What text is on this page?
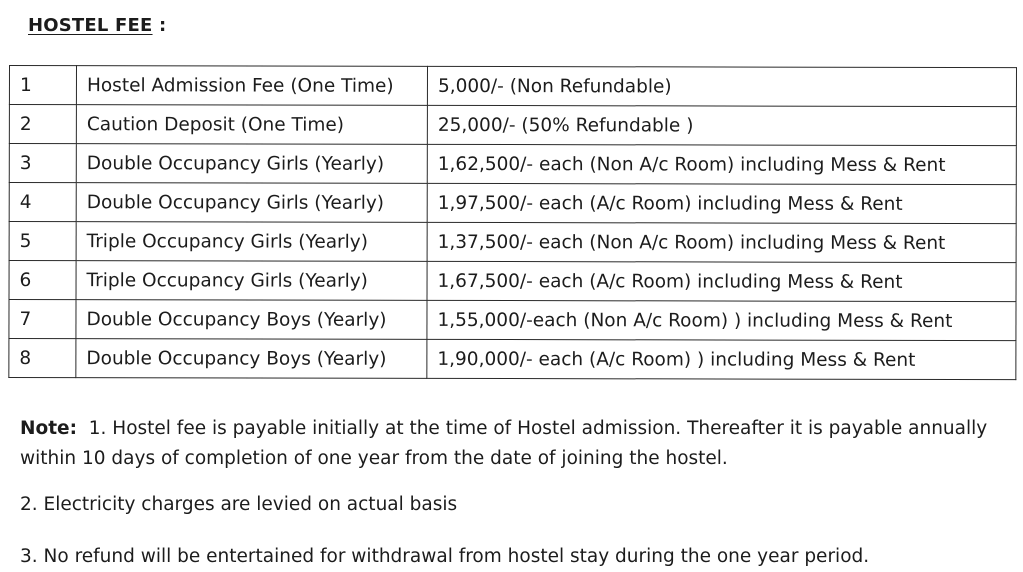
HOSTEL FEE :
1	Hostel Admission Fee (One Time)	5,000/- (Non Refundable)
2	Caution Deposit (One Time)	25,000/- (50% Refundable )
3	Double Occupancy Girls (Yearly)	1,62,500/- each (Non A/c Room) including Mess & Rent
4	Double Occupancy Girls (Yearly)	1,97,500/- each (A/c Room) including Mess & Rent
5	Triple Occupancy Girls (Yearly)	1,37,500/- each (Non A/c Room) including Mess & Rent
6	Triple Occupancy Girls (Yearly)	1,67,500/- each (A/c Room) including Mess & Rent
7	Double Occupancy Boys (Yearly)	1,55,000/-each (Non A/c Room) ) including Mess & Rent
8	Double Occupancy Boys (Yearly)	1,90,000/- each (A/c Room) ) including Mess & Rent
Note: 1. Hostel fee is payable initially at the time of Hostel admission. Thereafter it is payable annually within 10 days of completion of one year from the date of joining the hostel.
2. Electricity charges are levied on actual basis
3. No refund will be entertained for withdrawal from hostel stay during the one year period.
